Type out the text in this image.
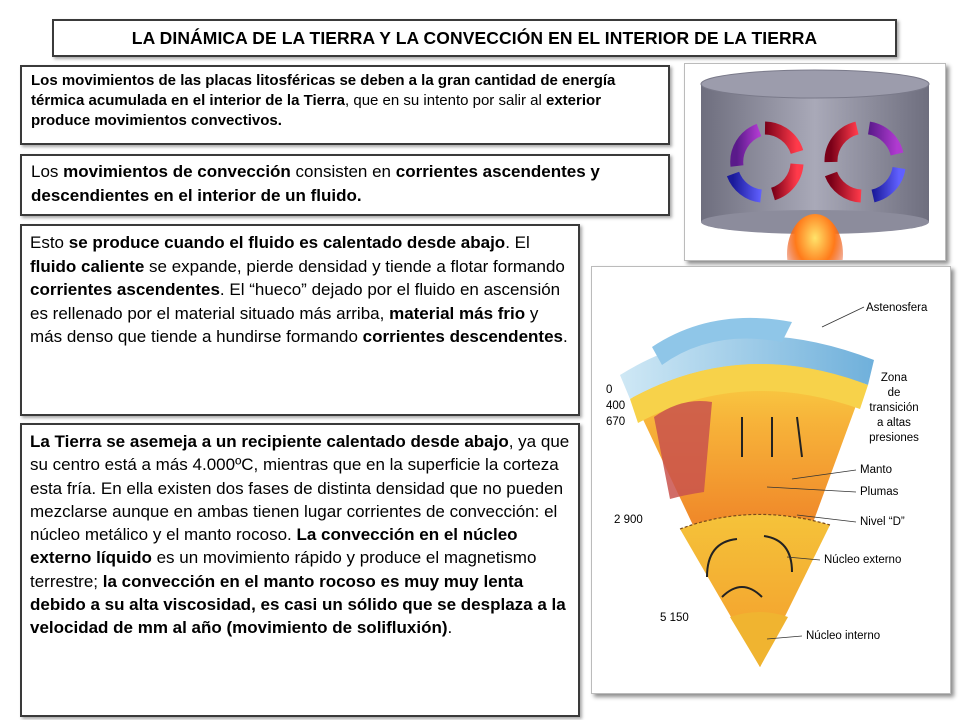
LA DINÁMICA DE LA TIERRA Y LA CONVECCIÓN EN EL INTERIOR DE LA TIERRA
Los movimientos de las placas litosféricas se deben a la gran cantidad de energía térmica acumulada en el interior de la Tierra, que en su intento por salir al exterior produce movimientos convectivos.
Los movimientos de convección consisten en corrientes ascendentes y descendientes en el interior de un fluido.
Esto se produce cuando el fluido es calentado desde abajo. El fluido caliente se expande, pierde densidad y tiende a flotar formando corrientes ascendentes. El “hueco” dejado por el fluido en ascensión es rellenado por el material situado más arriba, material más frio y más denso que tiende a hundirse formando corrientes descendentes.
La Tierra se asemeja a un recipiente calentado desde abajo, ya que su centro está a más 4.000ºC, mientras que en la superficie la corteza esta fría. En ella existen dos fases de distinta densidad que no pueden mezclarse aunque en ambas tienen lugar corrientes de convección: el núcleo metálico y el manto rocoso. La convección en el núcleo externo líquido es un movimiento rápido y produce el magnetismo terrestre; la convección en el manto rocoso es muy muy lenta debido a su alta viscosidad, es casi un sólido que se desplaza a la velocidad de mm al año (movimiento de solifluxión).
Astenosfera
Zona de transición a altas presiones
Manto
Plumas
Nivel “D”
Núcleo externo
Núcleo interno
0
400
670
2 900
5 150
